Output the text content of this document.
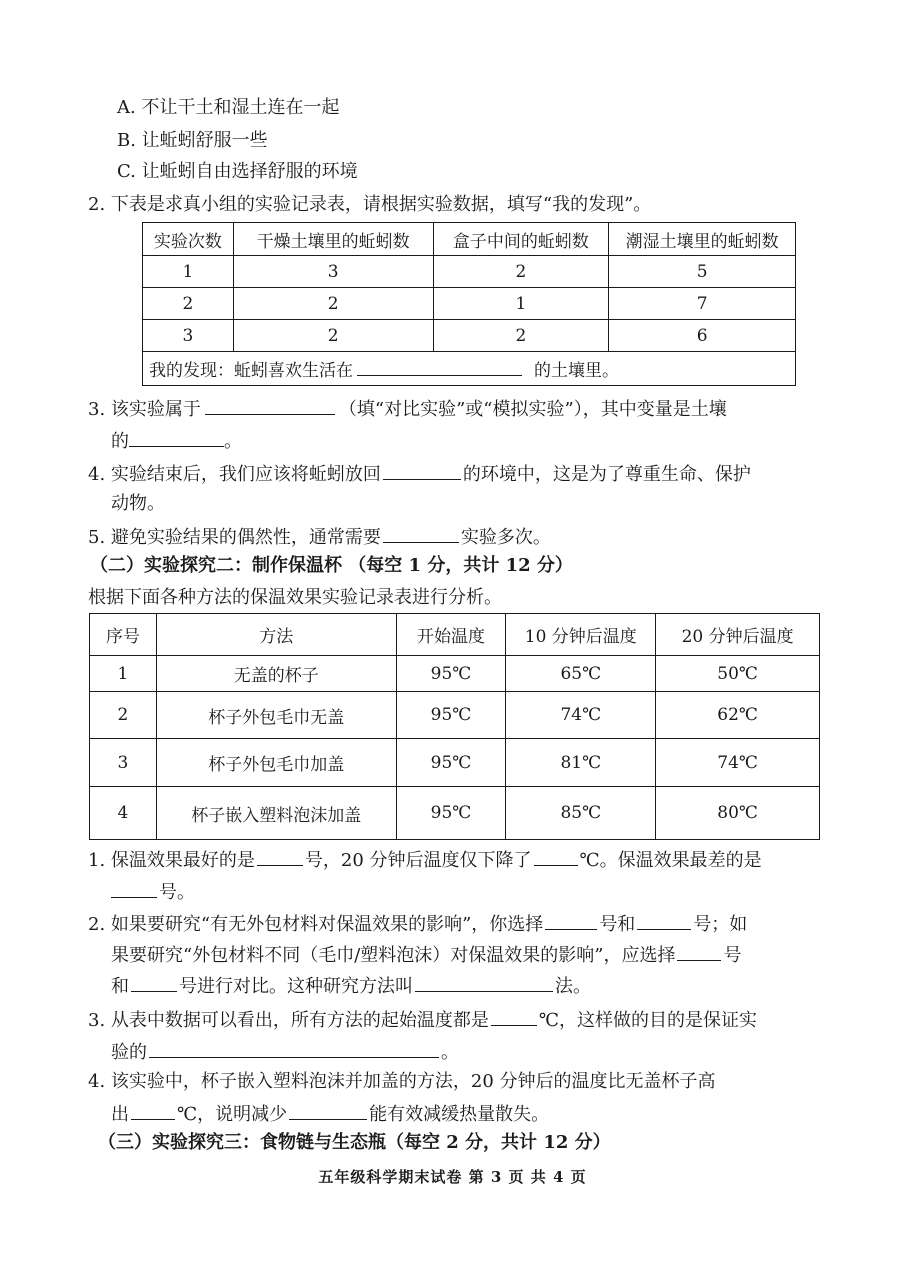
A. 不让干土和湿土连在一起
B. 让蚯蚓舒服一些
C. 让蚯蚓自由选择舒服的环境
2. 下表是求真小组的实验记录表，请根据实验数据，填写“我的发现”。
实验次数	干燥土壤里的蚯蚓数	盒子中间的蚯蚓数	潮湿土壤里的蚯蚓数
1	3	2	5
2	2	1	7
3	2	2	6
我的发现：蚯蚓喜欢生活在 的土壤里。			
3. 该实验属于	（填“对比实验”或“模拟实验”），其中变量是土壤
的	。
4. 实验结束后，我们应该将蚯蚓放回	的环境中，这是为了尊重生命、保护
动物。
5. 避免实验结果的偶然性，通常需要	实验多次。
（二）实验探究二：制作保温杯 （每空 1 分，共计 12 分）
根据下面各种方法的保温效果实验记录表进行分析。
序号	方法	开始温度	10 分钟后温度	20 分钟后温度
1	无盖的杯子	95℃	65℃	50℃
2	杯子外包毛巾无盖	95℃	74℃	62℃
3	杯子外包毛巾加盖	95℃	81℃	74℃
4	杯子嵌入塑料泡沫加盖	95℃	85℃	80℃
1. 保温效果最好的是	号，20 分钟后温度仅下降了	℃。保温效果最差的是
号。
2. 如果要研究“有无外包材料对保温效果的影响”，你选择	号和	号；如
果要研究“外包材料不同（毛巾/塑料泡沫）对保温效果的影响”，应选择	号
和	号进行对比。这种研究方法叫	法。
3. 从表中数据可以看出，所有方法的起始温度都是	℃，这样做的目的是保证实
验的	。
4. 该实验中，杯子嵌入塑料泡沫并加盖的方法，20 分钟后的温度比无盖杯子高
出	℃，说明减少	能有效减缓热量散失。
（三）实验探究三：食物链与生态瓶（每空 2 分，共计 12 分）
五年级科学期末试卷 第 3 页 共 4 页
